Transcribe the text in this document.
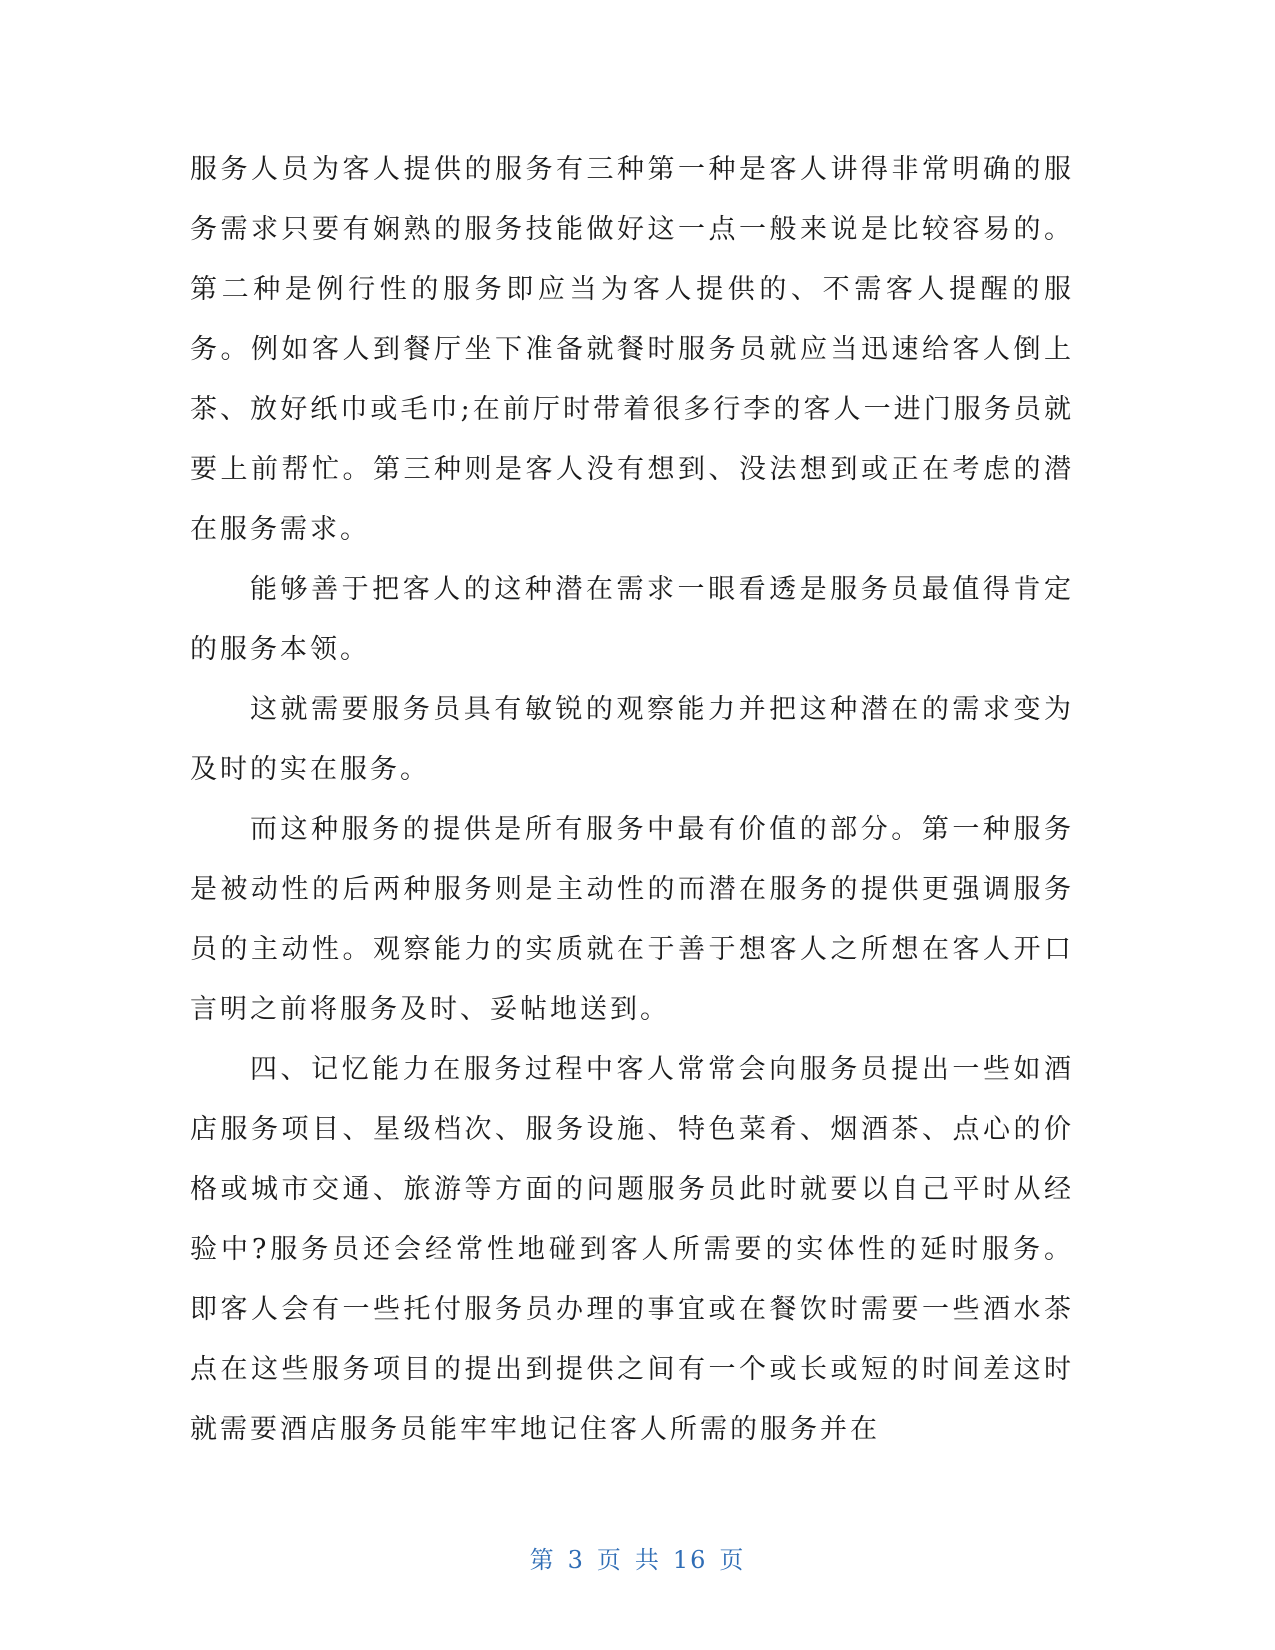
服务人员为客人提供的服务有三种第一种是客人讲得非常明确的服务需求只要有娴熟的服务技能做好这一点一般来说是比较容易的。第二种是例行性的服务即应当为客人提供的、不需客人提醒的服务。例如客人到餐厅坐下准备就餐时服务员就应当迅速给客人倒上茶、放好纸巾或毛巾;在前厅时带着很多行李的客人一进门服务员就要上前帮忙。第三种则是客人没有想到、没法想到或正在考虑的潜在服务需求。

能够善于把客人的这种潜在需求一眼看透是服务员最值得肯定的服务本领。

这就需要服务员具有敏锐的观察能力并把这种潜在的需求变为及时的实在服务。

而这种服务的提供是所有服务中最有价值的部分。第一种服务是被动性的后两种服务则是主动性的而潜在服务的提供更强调服务员的主动性。观察能力的实质就在于善于想客人之所想在客人开口言明之前将服务及时、妥帖地送到。

四、记忆能力在服务过程中客人常常会向服务员提出一些如酒店服务项目、星级档次、服务设施、特色菜肴、烟酒茶、点心的价格或城市交通、旅游等方面的问题服务员此时就要以自己平时从经验中?服务员还会经常性地碰到客人所需要的实体性的延时服务。即客人会有一些托付服务员办理的事宜或在餐饮时需要一些酒水茶点在这些服务项目的提出到提供之间有一个或长或短的时间差这时就需要酒店服务员能牢牢地记住客人所需的服务并在

第 3 页 共 16 页
